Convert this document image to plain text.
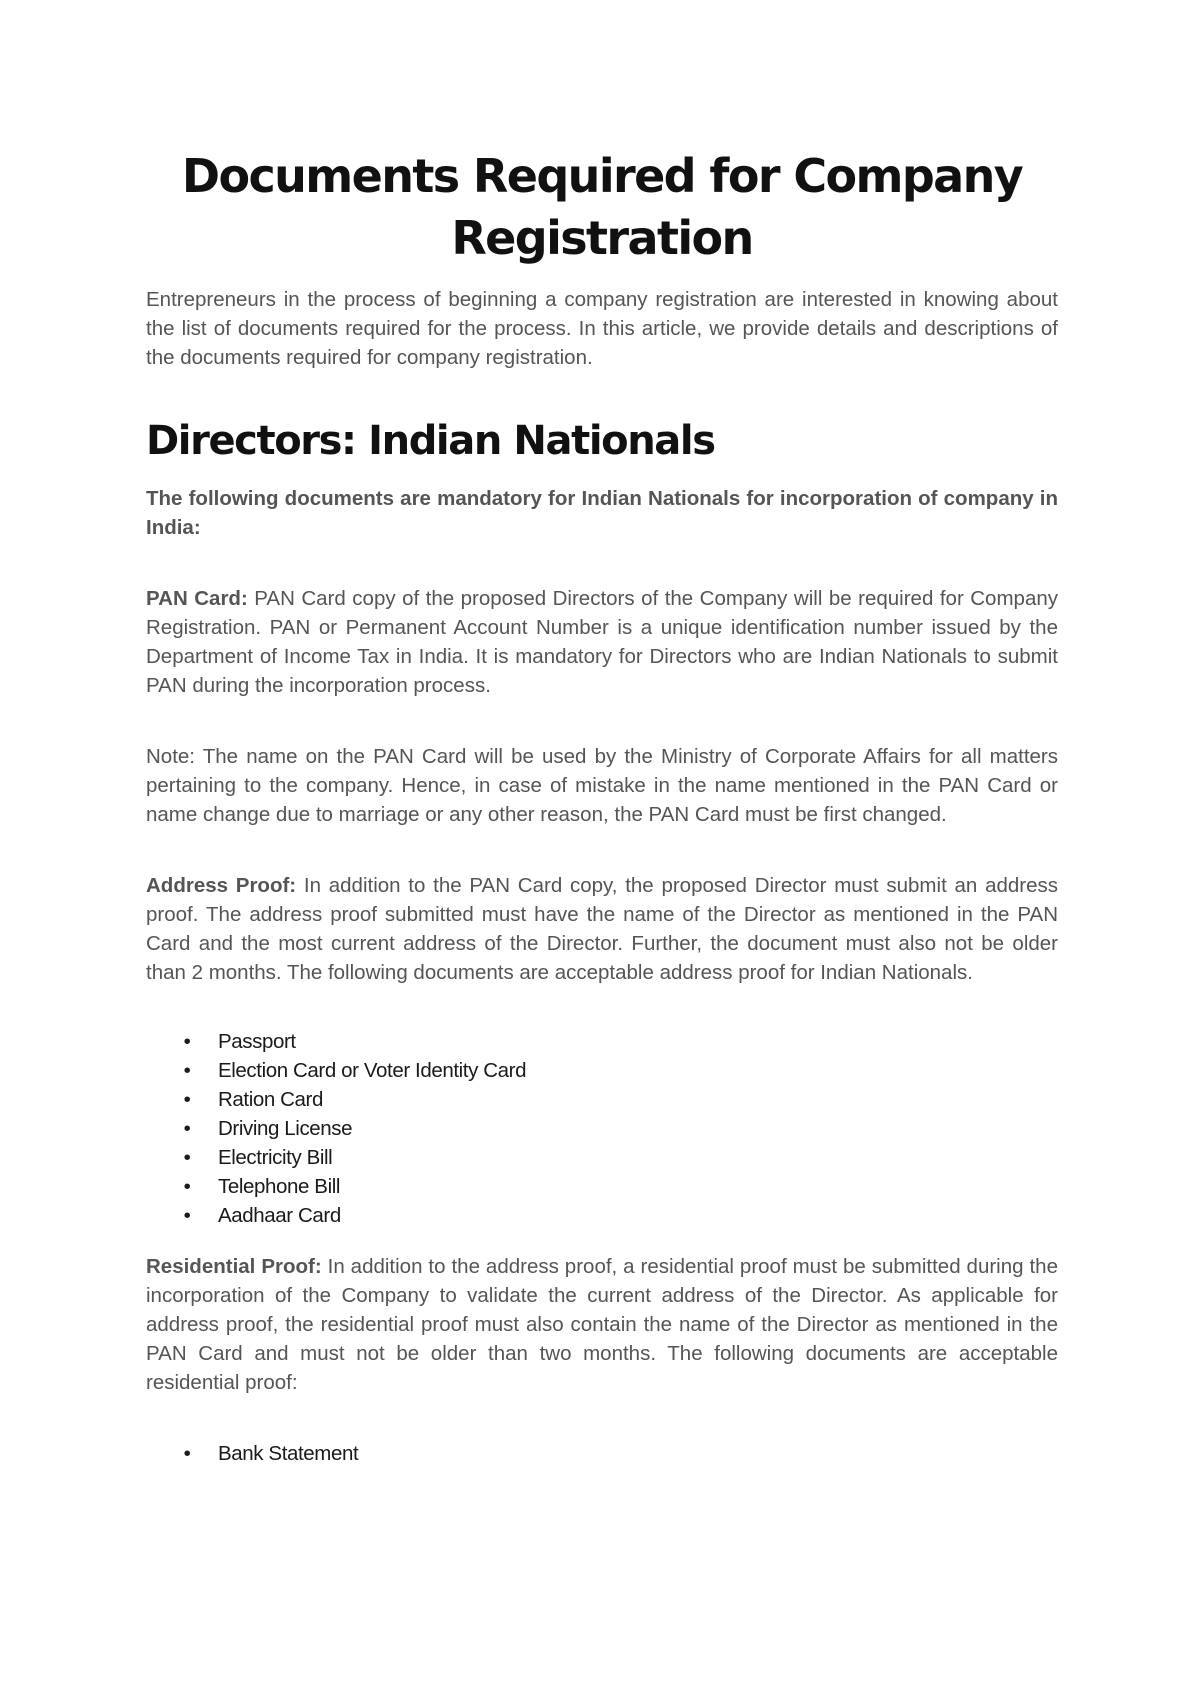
Documents Required for Company Registration

Entrepreneurs in the process of beginning a company registration are interested in knowing about the list of documents required for the process. In this article, we provide details and descriptions of the documents required for company registration.

Directors: Indian Nationals

The following documents are mandatory for Indian Nationals for incorporation of company in India:

PAN Card: PAN Card copy of the proposed Directors of the Company will be required for Company Registration. PAN or Permanent Account Number is a unique identification number issued by the Department of Income Tax in India. It is mandatory for Directors who are Indian Nationals to submit PAN during the incorporation process.

Note: The name on the PAN Card will be used by the Ministry of Corporate Affairs for all matters pertaining to the company. Hence, in case of mistake in the name mentioned in the PAN Card or name change due to marriage or any other reason, the PAN Card must be first changed.

Address Proof: In addition to the PAN Card copy, the proposed Director must submit an address proof. The address proof submitted must have the name of the Director as mentioned in the PAN Card and the most current address of the Director. Further, the document must also not be older than 2 months. The following documents are acceptable address proof for Indian Nationals.

• Passport
• Election Card or Voter Identity Card
• Ration Card
• Driving License
• Electricity Bill
• Telephone Bill
• Aadhaar Card

Residential Proof: In addition to the address proof, a residential proof must be submitted during the incorporation of the Company to validate the current address of the Director. As applicable for address proof, the residential proof must also contain the name of the Director as mentioned in the PAN Card and must not be older than two months. The following documents are acceptable residential proof:

• Bank Statement
